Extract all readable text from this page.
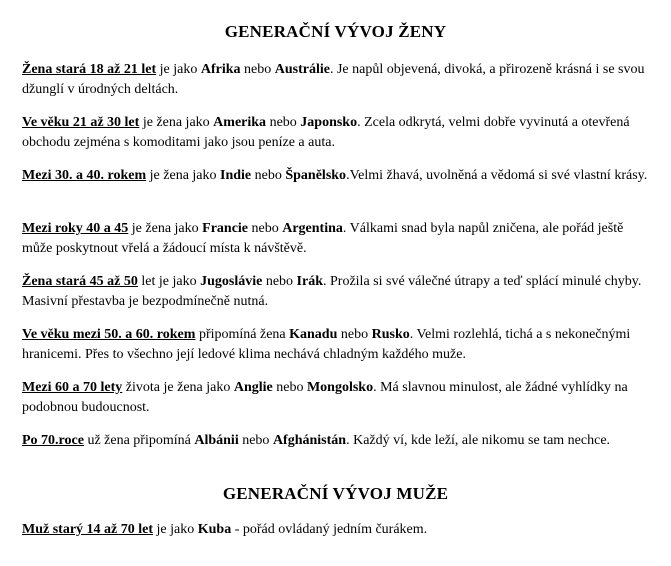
GENERAČNÍ VÝVOJ ŽENY
Žena stará 18 až 21 let je jako Afrika nebo Austrálie. Je napůl objevená, divoká, a přirozeně krásná i se svou džunglí v úrodných deltách.
Ve věku 21 až 30 let je žena jako Amerika nebo Japonsko. Zcela odkrytá, velmi dobře vyvinutá a otevřená obchodu zejména s komoditami jako jsou peníze a auta.
Mezi 30. a 40. rokem je žena jako Indie nebo Španělsko.Velmi žhavá, uvolněná a vědomá si své vlastní krásy.
Mezi roky 40 a 45 je žena jako Francie nebo Argentina. Válkami snad byla napůl zničena, ale pořád ještě může poskytnout vřelá a žádoucí místa k návštěvě.
Žena stará 45 až 50 let je jako Jugoslávie nebo Irák. Prožila si své válečné útrapy a teď splácí minulé chyby. Masivní přestavba je bezpodmínečně nutná.
Ve věku mezi 50. a 60. rokem připomíná žena Kanadu nebo Rusko. Velmi rozlehlá, tichá a s nekonečnými hranicemi. Přes to všechno její ledové klima nechává chladným každého muže.
Mezi 60 a 70 lety života je žena jako Anglie nebo Mongolsko. Má slavnou minulost, ale žádné vyhlídky na podobnou budoucnost.
Po 70.roce už žena připomíná Albánii nebo Afghánistán. Každý ví, kde leží, ale nikomu se tam nechce.
GENERAČNÍ VÝVOJ MUŽE
Muž starý 14 až 70 let je jako Kuba - pořád ovládaný jedním čurákem.
